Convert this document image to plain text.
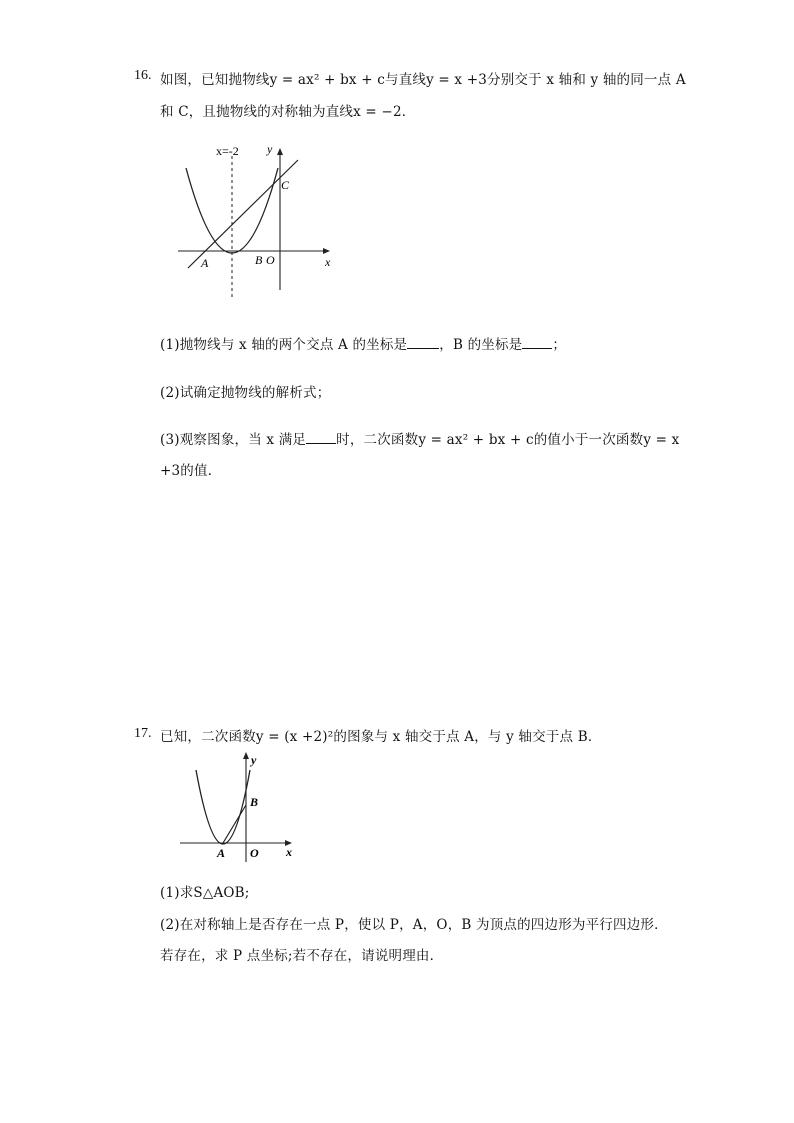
16. 如图，已知抛物线y = ax² + bx + c与直线y = x +3分别交于 x 轴和 y 轴的同一点 A
和 C，且抛物线的对称轴为直线x = −2．
x=-2 y
x
C
A	B O
(1)抛物线与 x 轴的两个交点 A 的坐标是 ，B 的坐标是 ；
(2)试确定抛物线的解析式；
(3)观察图象，当 x 满足 时，二次函数y = ax² + bx + c的值小于一次函数y = x
+3的值．
17. 已知，二次函数y = (x +2)²的图象与 x 轴交于点 A，与 y 轴交于点 B．
y
x
B
A O
(1)求S△AOB;
(2)在对称轴上是否存在一点 P，使以 P，A，O，B 为顶点的四边形为平行四边形．
若存在，求 P 点坐标;若不存在，请说明理由．
